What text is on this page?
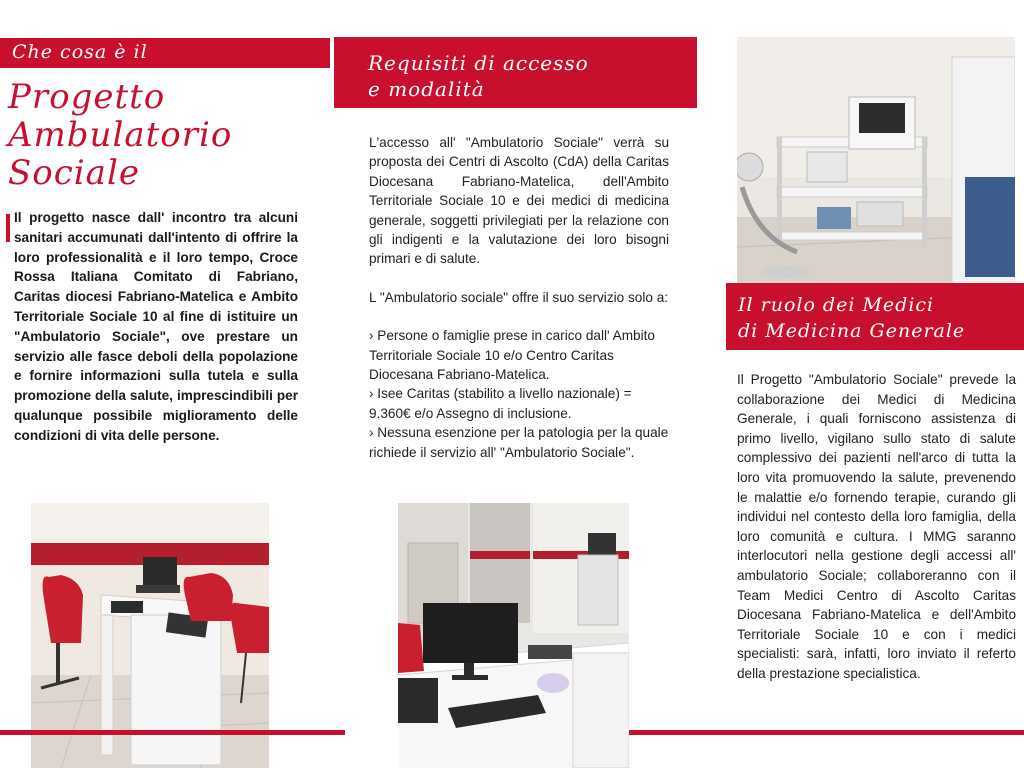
Che cosa è il
Progetto
Ambulatorio
Sociale
Il progetto nasce dall' incontro tra alcuni sanitari accumunati dall'intento di offrire la loro professionalità e il loro tempo, Croce Rossa Italiana Comitato di Fabriano, Caritas diocesi Fabriano-Matelica e Ambito Territoriale Sociale 10 al fine di istituire un "Ambulatorio Sociale", ove prestare un servizio alle fasce deboli della popolazione e fornire informazioni sulla tutela e sulla promozione della salute, imprescindibili per qualunque possibile miglioramento delle condizioni di vita delle persone.
Requisiti di accesso
e modalità
L'accesso all' "Ambulatorio Sociale" verrà su proposta dei Centri di Ascolto (CdA) della Caritas Diocesana Fabriano-Matelica, dell'Ambito Territoriale Sociale 10 e dei medici di medicina generale, soggetti privilegiati per la relazione con gli indigenti e la valutazione dei loro bisogni primari e di salute.
L "Ambulatorio sociale" offre il suo servizio solo a:
› Persone o famiglie prese in carico dall' Ambito Territoriale Sociale 10 e/o Centro Caritas Diocesana Fabriano-Matelica.
› Isee Caritas (stabilito a livello nazionale) = 9.360€ e/o Assegno di inclusione.
› Nessuna esenzione per la patologia per la quale richiede il servizio all' "Ambulatorio Sociale".
Il ruolo dei Medici
di Medicina Generale
Il Progetto "Ambulatorio Sociale" prevede la collaborazione dei Medici di Medicina Generale, i quali forniscono assistenza di primo livello, vigilano sullo stato di salute complessivo dei pazienti nell'arco di tutta la loro vita promuovendo la salute, prevenendo le malattie e/o fornendo terapie, curando gli individui nel contesto della loro famiglia, della loro comunità e cultura. I MMG saranno interlocutori nella gestione degli accessi all' ambulatorio Sociale; collaboreranno con il Team Medici Centro di Ascolto Caritas Diocesana Fabriano-Matelica e dell'Ambito Territoriale Sociale 10 e con i medici specialisti: sarà, infatti, loro inviato il referto della prestazione specialistica.
